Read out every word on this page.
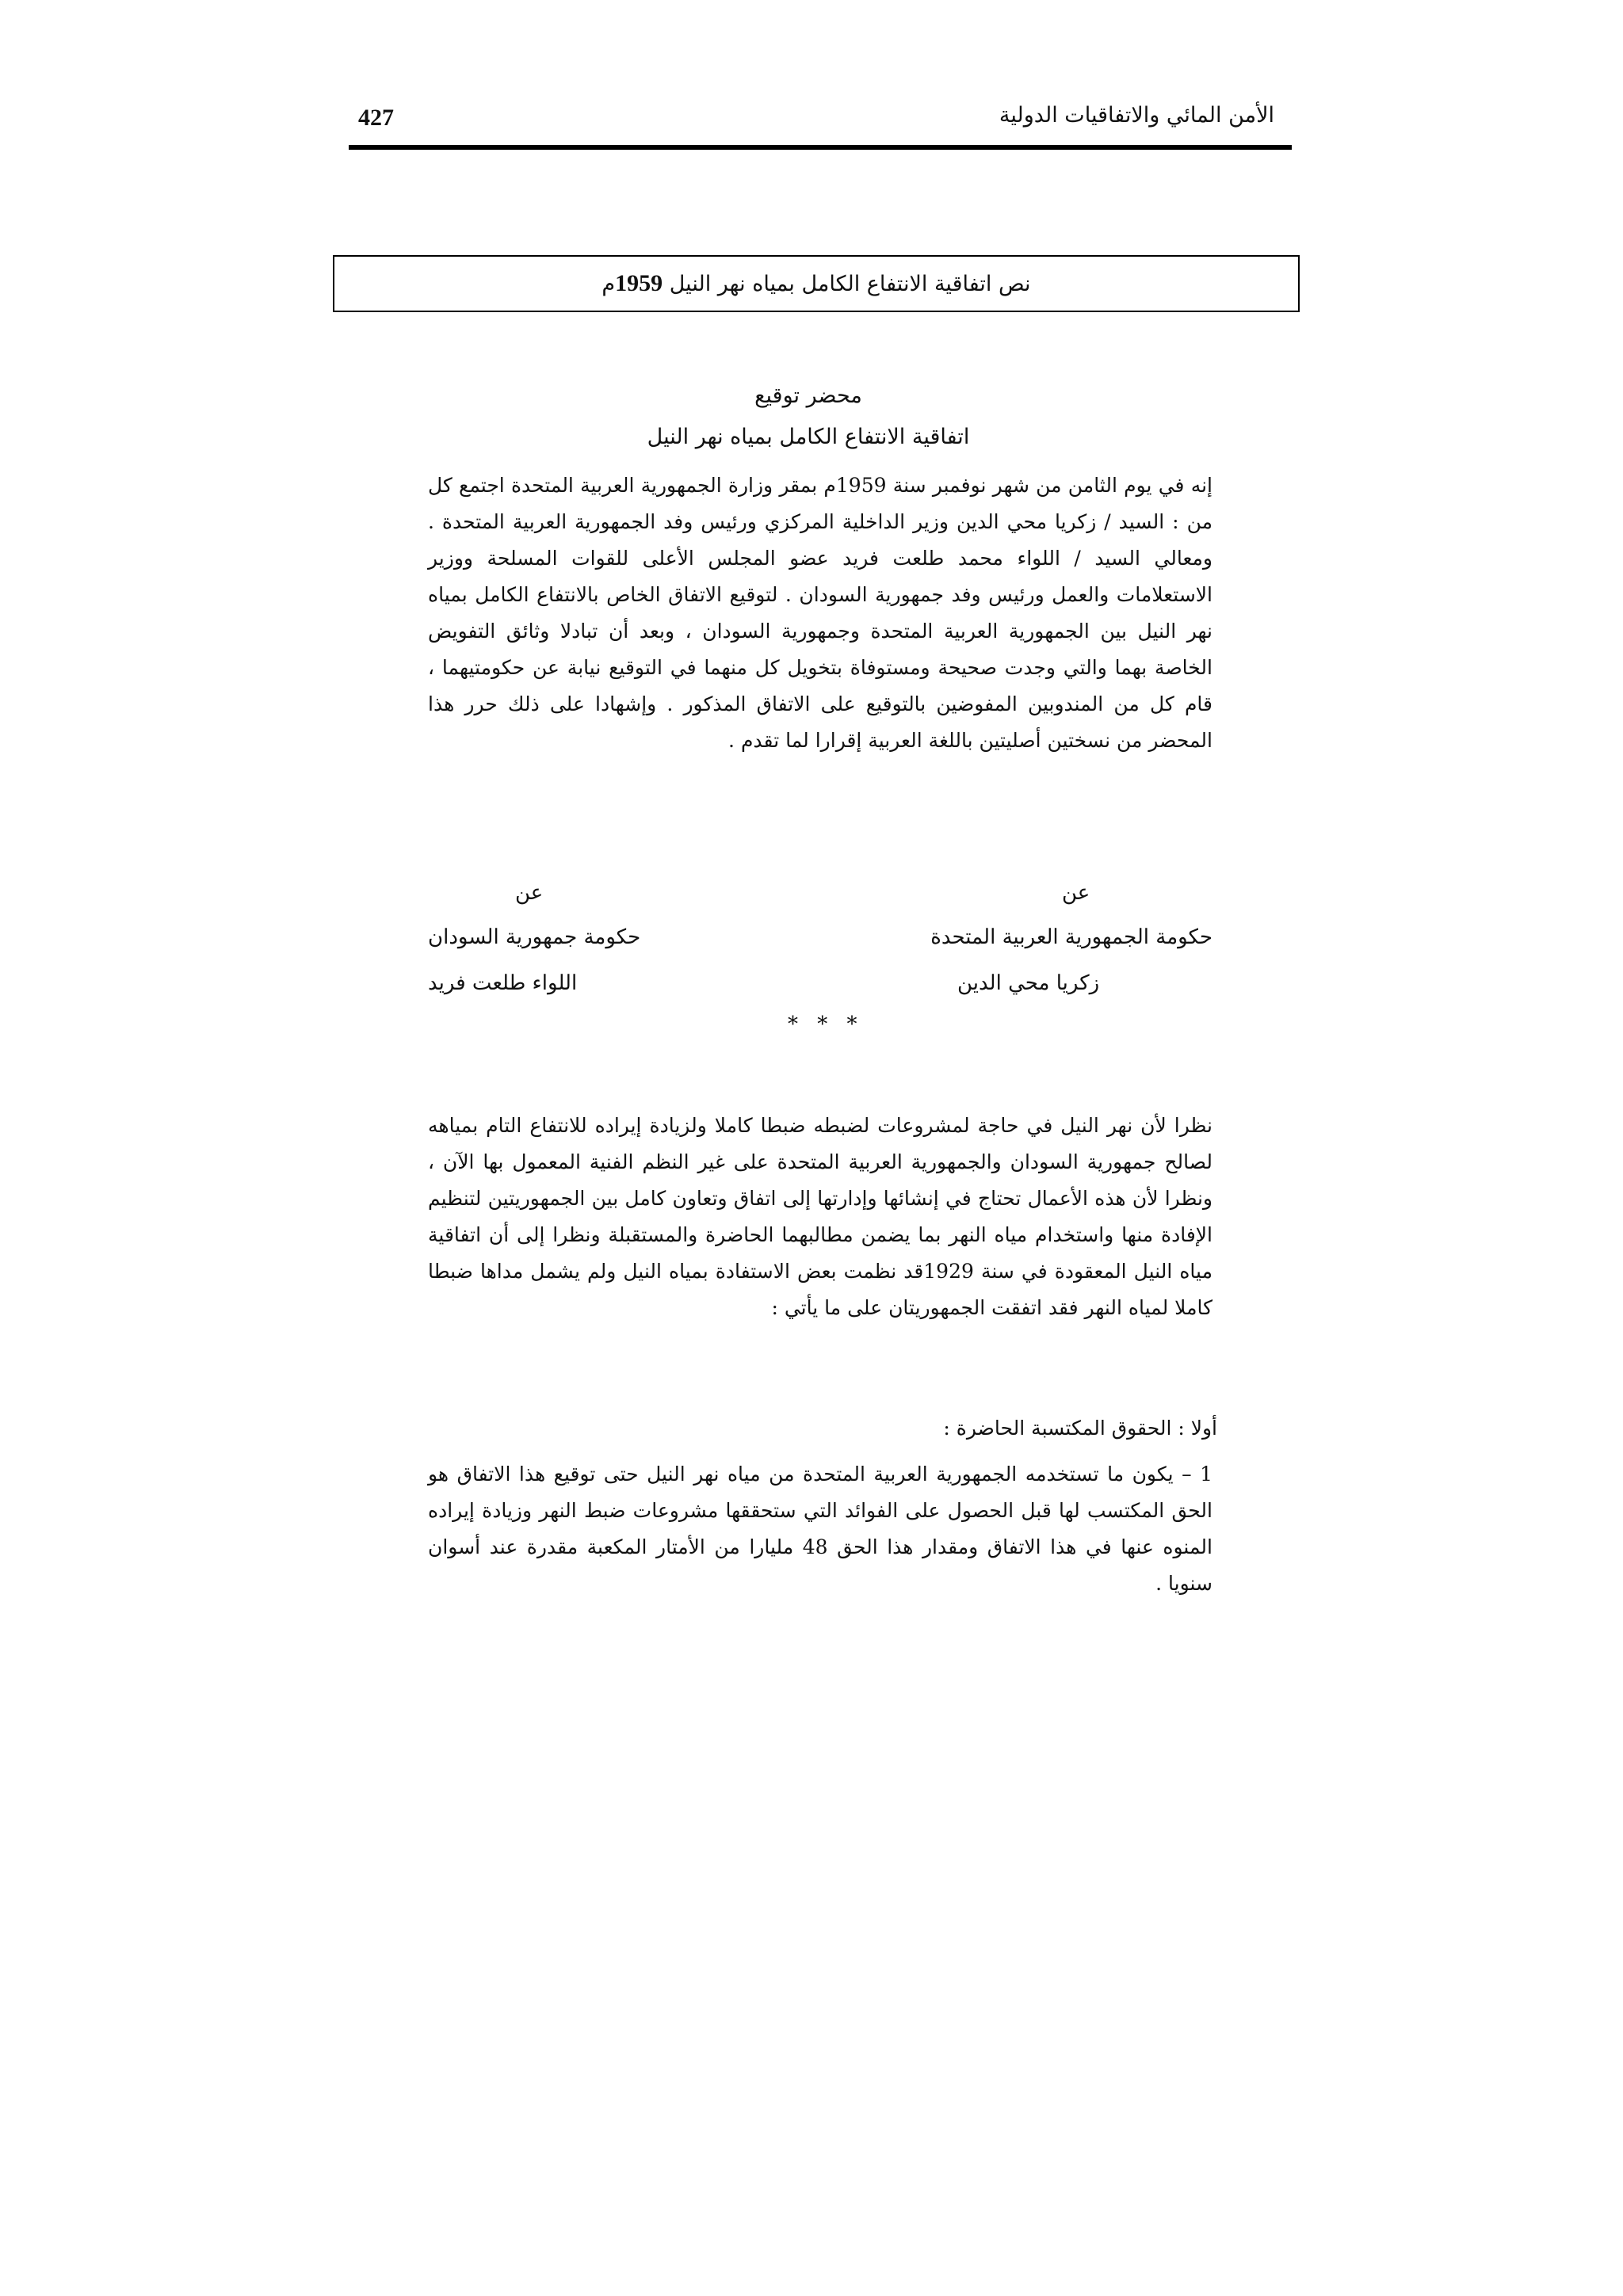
427	الأمن المائي والاتفاقيات الدولية
نص اتفاقية الانتفاع الكامل بمياه نهر النيل 1959م
محضر توقيع
اتفاقية الانتفاع الكامل بمياه نهر النيل
إنه في يوم الثامن من شهر نوفمبر سنة 1959م بمقر وزارة الجمهورية العربية المتحدة اجتمع كل من : السيد / زكريا محي الدين وزير الداخلية المركزي ورئيس وفد الجمهورية العربية المتحدة . ومعالي السيد / اللواء محمد طلعت فريد عضو المجلس الأعلى للقوات المسلحة ووزير الاستعلامات والعمل ورئيس وفد جمهورية السودان . لتوقيع الاتفاق الخاص بالانتفاع الكامل بمياه نهر النيل بين الجمهورية العربية المتحدة وجمهورية السودان ، وبعد أن تبادلا وثائق التفويض الخاصة بهما والتي وجدت صحيحة ومستوفاة بتخويل كل منهما في التوقيع نيابة عن حكومتيهما ، قام كل من المندوبين المفوضين بالتوقيع على الاتفاق المذكور . وإشهادا على ذلك حرر هذا المحضر من نسختين أصليتين باللغة العربية إقرارا لما تقدم .
عن
عن
حكومة الجمهورية العربية المتحدة
حكومة جمهورية السودان
زكريا محي الدين
اللواء طلعت فريد
* * *
نظرا لأن نهر النيل في حاجة لمشروعات لضبطه ضبطا كاملا ولزيادة إيراده للانتفاع التام بمياهه لصالح جمهورية السودان والجمهورية العربية المتحدة على غير النظم الفنية المعمول بها الآن ، ونظرا لأن هذه الأعمال تحتاج في إنشائها وإدارتها إلى اتفاق وتعاون كامل بين الجمهوريتين لتنظيم الإفادة منها واستخدام مياه النهر بما يضمن مطالبهما الحاضرة والمستقبلة ونظرا إلى أن اتفاقية مياه النيل المعقودة في سنة 1929قد نظمت بعض الاستفادة بمياه النيل ولم يشمل مداها ضبطا كاملا لمياه النهر فقد اتفقت الجمهوريتان على ما يأتي :
أولا : الحقوق المكتسبة الحاضرة :
1 – يكون ما تستخدمه الجمهورية العربية المتحدة من مياه نهر النيل حتى توقيع هذا الاتفاق هو الحق المكتسب لها قبل الحصول على الفوائد التي ستحققها مشروعات ضبط النهر وزيادة إيراده المنوه عنها في هذا الاتفاق ومقدار هذا الحق 48 مليارا من الأمتار المكعبة مقدرة عند أسوان سنويا .
